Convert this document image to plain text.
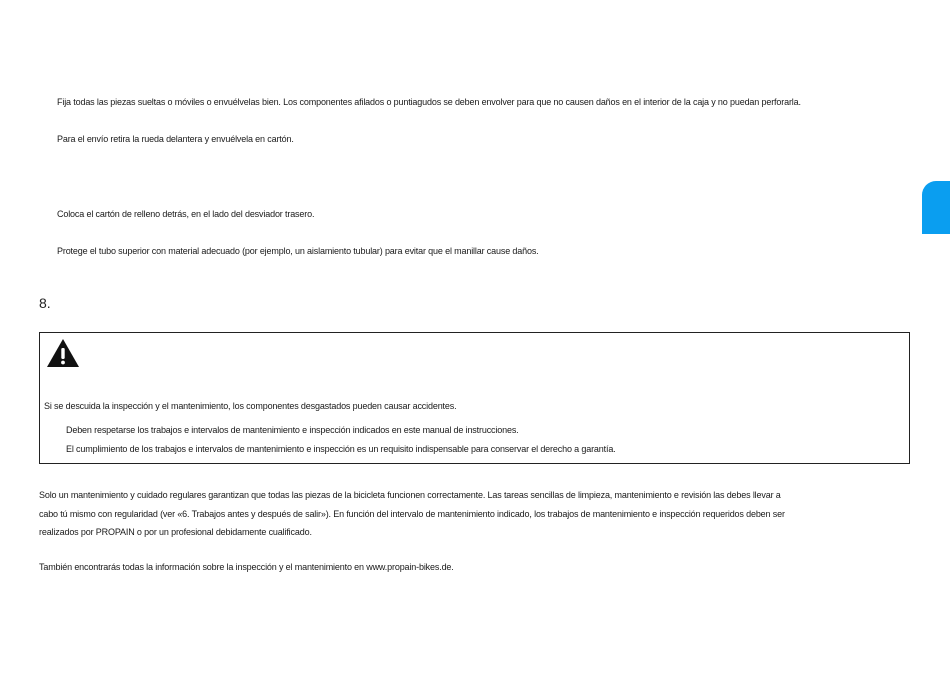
Fija todas las piezas sueltas o móviles o envuélvelas bien. Los componentes afilados o puntiagudos se deben envolver para que no causen daños en el interior de la caja y no puedan perforarla.
Para el envío retira la rueda delantera y envuélvela en cartón.
Coloca el cartón de relleno detrás, en el lado del desviador trasero.
Protege el tubo superior con material adecuado (por ejemplo, un aislamiento tubular) para evitar que el manillar cause daños.
8.
Si se descuida la inspección y el mantenimiento, los componentes desgastados pueden causar accidentes.
Deben respetarse los trabajos e intervalos de mantenimiento e inspección indicados en este manual de instrucciones.
El cumplimiento de los trabajos e intervalos de mantenimiento e inspección es un requisito indispensable para conservar el derecho a garantía.
Solo un mantenimiento y cuidado regulares garantizan que todas las piezas de la bicicleta funcionen correctamente. Las tareas sencillas de limpieza, mantenimiento e revisión las debes llevar a
cabo tú mismo con regularidad (ver «6. Trabajos antes y después de salir»). En función del intervalo de mantenimiento indicado, los trabajos de mantenimiento e inspección requeridos deben ser
realizados por PROPAIN o por un profesional debidamente cualificado.
También encontrarás todas la información sobre la inspección y el mantenimiento en www.propain-bikes.de.
